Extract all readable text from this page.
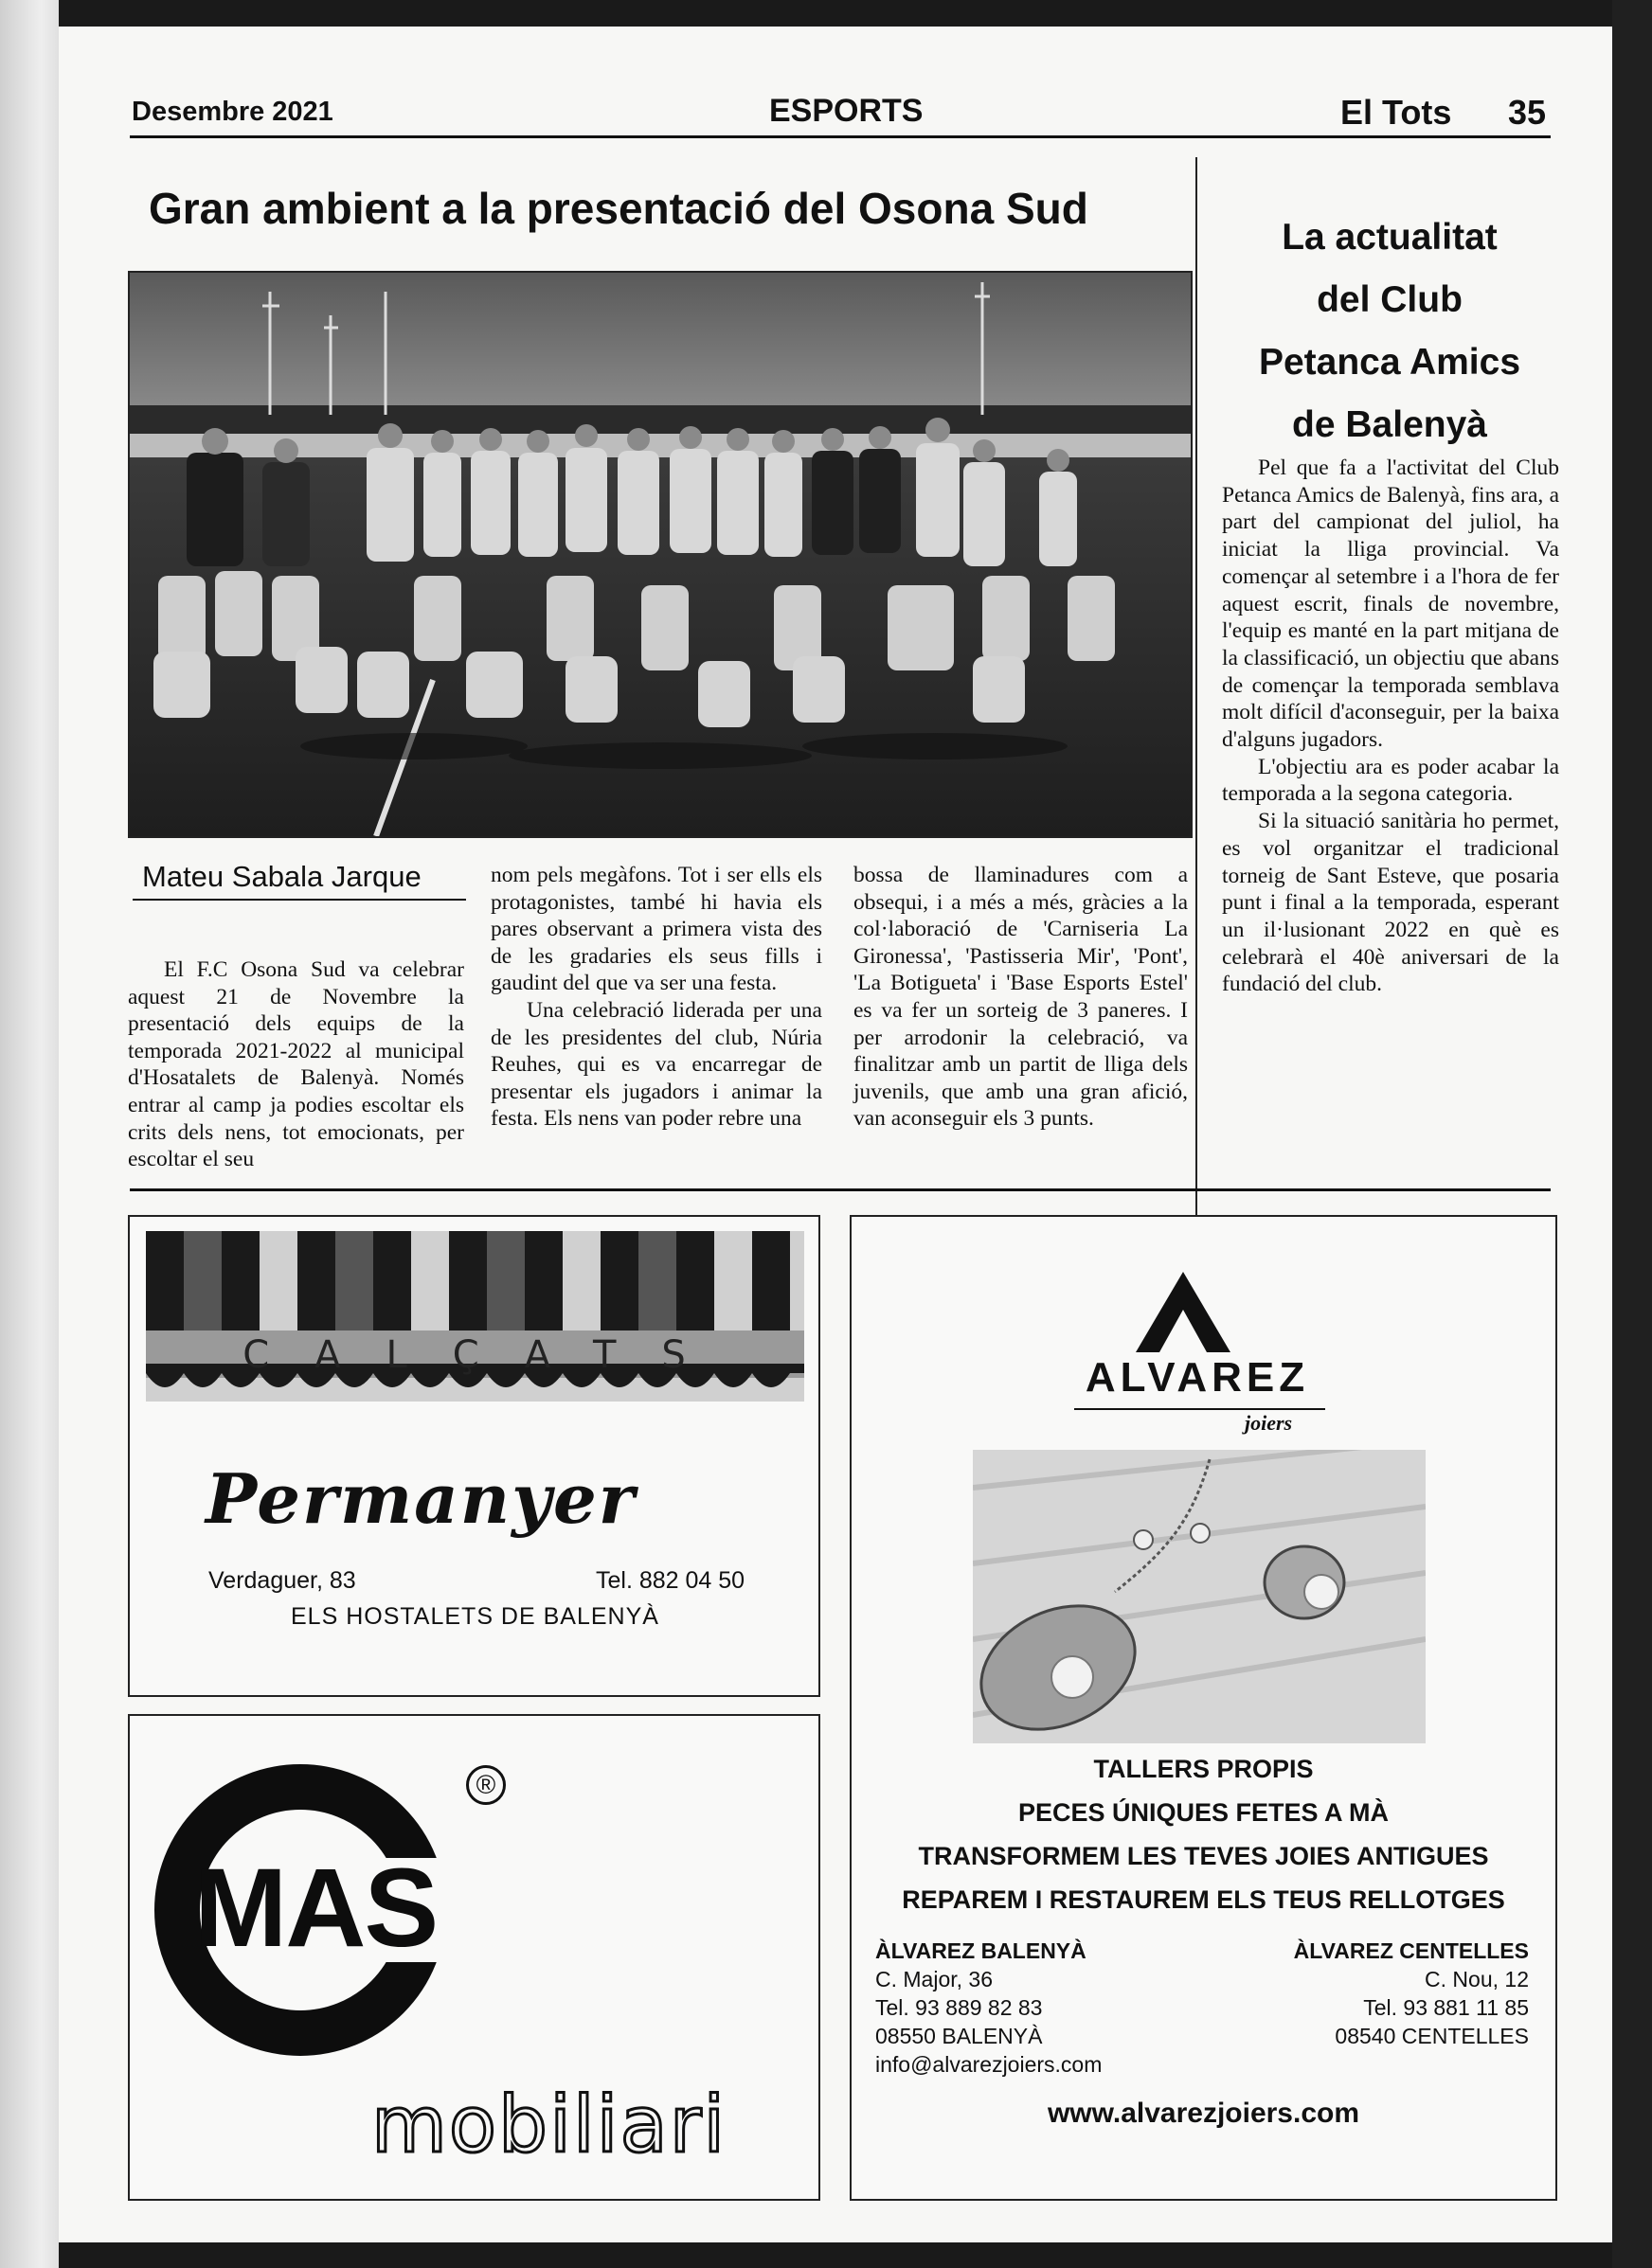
Desembre 2021	ESPORTS	El Tots 35
Gran ambient a la presentació del Osona Sud
Mateu Sabala Jarque

El F.C Osona Sud va celebrar aquest 21 de Novembre la presentació dels equips de la temporada 2021-2022 al municipal d'Hosatalets de Balenyà. Només entrar al camp ja podies escoltar els crits dels nens, tot emocionats, per escoltar el seu

nom pels megàfons. Tot i ser ells els protagonistes, també hi havia els pares observant a primera vista des de les gradaries els seus fills i gaudint del que va ser una festa.

Una celebració liderada per una de les presidentes del club, Núria Reuhes, qui es va encarregar de presentar els jugadors i animar la festa. Els nens van poder rebre una

bossa de llaminadures com a obsequi, i a més a més, gràcies a la col·laboració de 'Carniseria La Gironessa', 'Pastisseria Mir', 'Pont', 'La Botigueta' i 'Base Esports Estel' es va fer un sorteig de 3 paneres. I per arrodonir la celebració, va finalitzar amb un partit de lliga dels juvenils, que amb una gran afició, van aconseguir els 3 punts.

La actualitat
del Club
Petanca Amics
de Balenyà

Pel que fa a l'activitat del Club Petanca Amics de Balenyà, fins ara, a part del campionat del juliol, ha iniciat la lliga provincial. Va començar al setembre i a l'hora de fer aquest escrit, finals de novembre, l'equip es manté en la part mitjana de la classificació, un objectiu que abans de començar la temporada semblava molt difícil d'aconseguir, per la baixa d'alguns jugadors.

L'objectiu ara es poder acabar la temporada a la segona categoria.

Si la situació sanitària ho permet, es vol organitzar el tradicional torneig de Sant Esteve, que posaria punt i final a la temporada, esperant un il·lusionant 2022 en què es celebrarà el 40è aniversari de la fundació del club.

CALÇATS
Permanyer
Verdaguer, 83	Tel. 882 04 50
ELS HOSTALETS DE BALENYÀ
MAS
®
mobiliari
ALVAREZ
joiers
TALLERS PROPIS
PECES ÚNIQUES FETES A MÀ
TRANSFORMEM LES TEVES JOIES ANTIGUES
REPAREM I RESTAUREM ELS TEUS RELLOTGES
ÀLVAREZ BALENYÀ
C. Major, 36
Tel. 93 889 82 83
08550 BALENYÀ
info@alvarezjoiers.com
ÀLVAREZ CENTELLES
C. Nou, 12
Tel. 93 881 11 85
08540 CENTELLES
www.alvarezjoiers.com
